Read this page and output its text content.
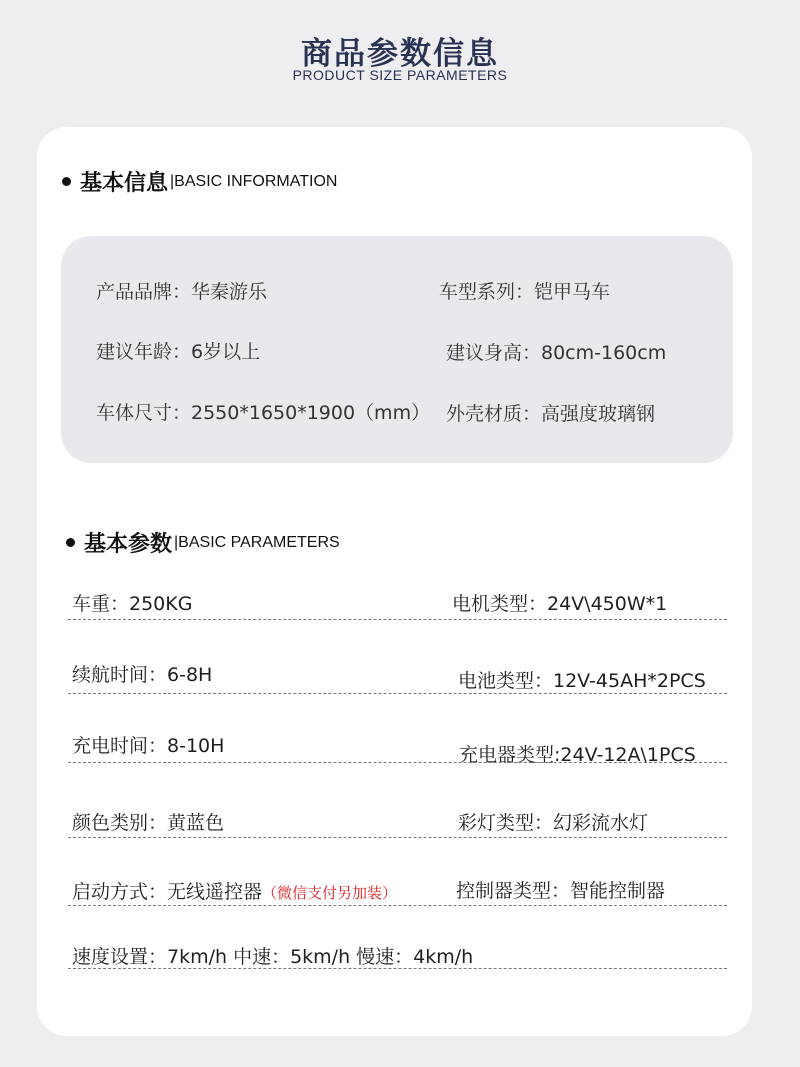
商品参数信息
PRODUCT SIZE PARAMETERS
基本信息 |BASIC INFORMATION
产品品牌：华秦游乐	车型系列：铠甲马车
建议年龄：6岁以上	建议身高：80cm-160cm
车体尺寸：2550*1650*1900（mm） 外壳材质：高强度玻璃钢
基本参数 |BASIC PARAMETERS
车重：250KG	电机类型：24V\450W*1
续航时间：6-8H	电池类型：12V-45AH*2PCS
充电时间：8-10H	充电器类型:24V-12A\1PCS
颜色类别：黄蓝色	彩灯类型：幻彩流水灯
启动方式：无线遥控器（微信支付另加装）	控制器类型：智能控制器
速度设置：7km/h 中速：5km/h 慢速：4km/h
